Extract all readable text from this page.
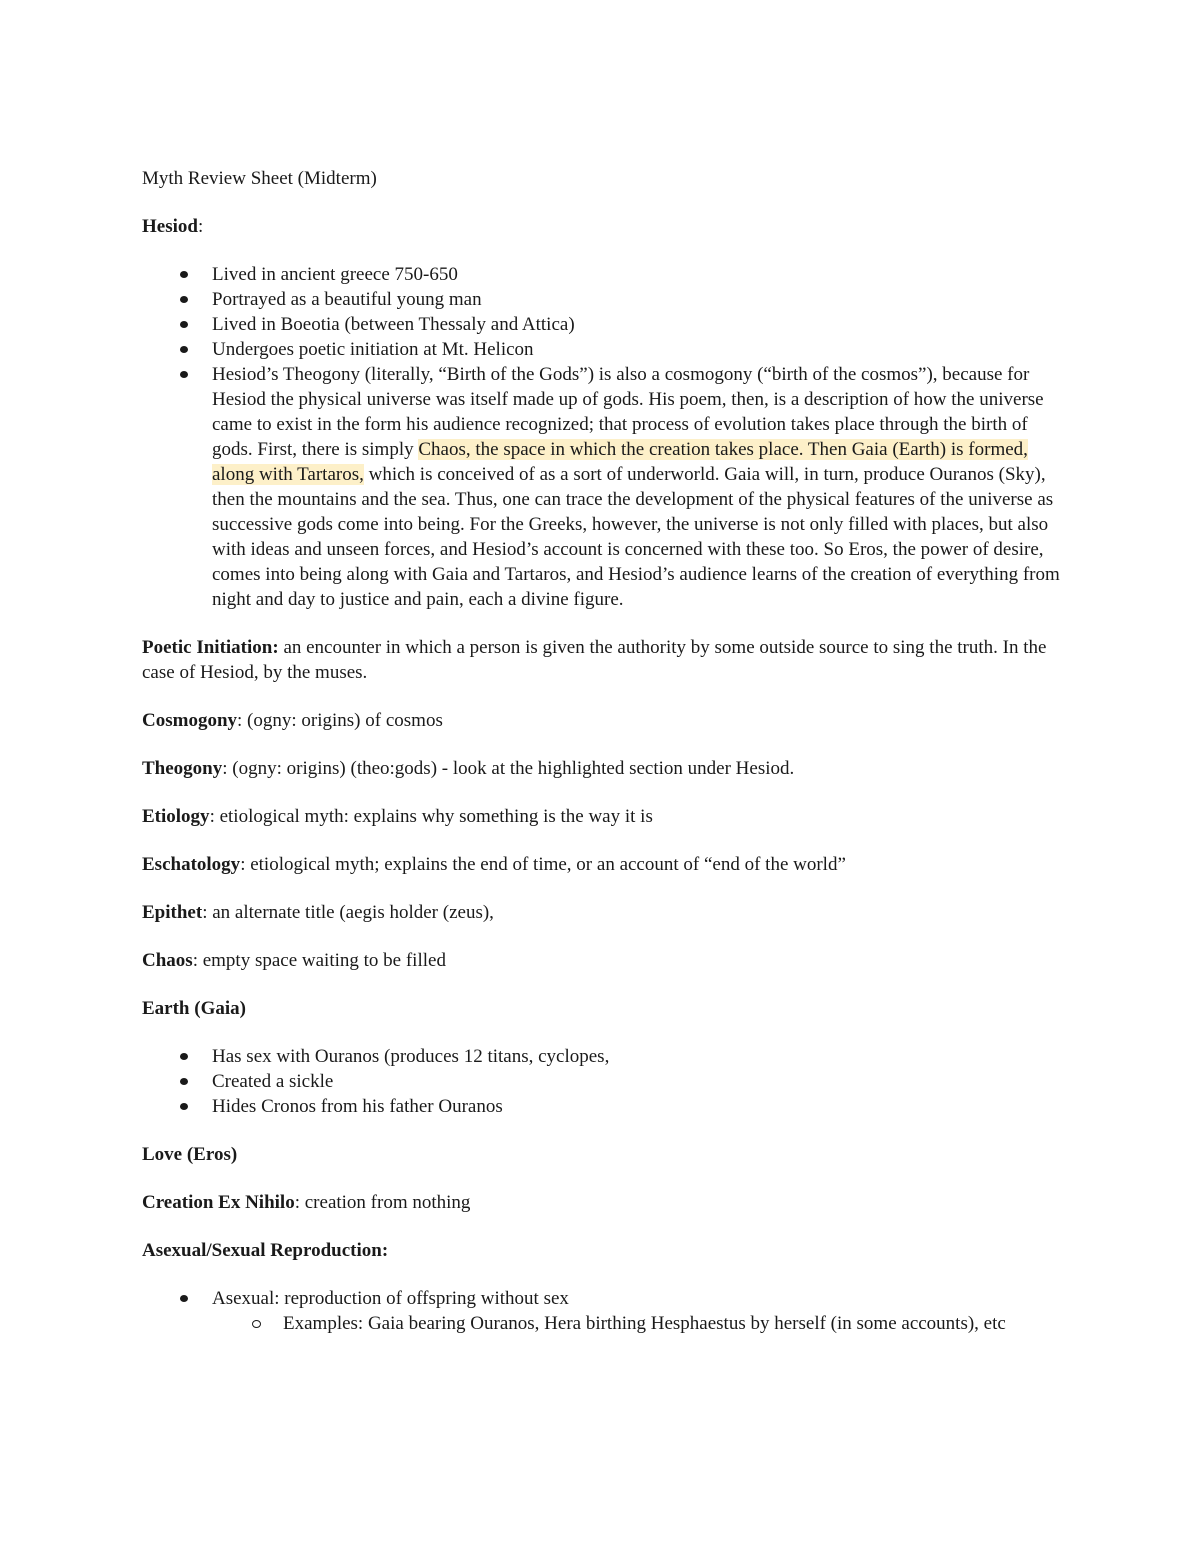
Myth Review Sheet (Midterm)

Hesiod:

Lived in ancient greece 750-650
Portrayed as a beautiful young man
Lived in Boeotia (between Thessaly and Attica)
Undergoes poetic initiation at Mt. Helicon
Hesiod’s Theogony (literally, “Birth of the Gods”) is also a cosmogony (“birth of the cosmos”), because for Hesiod the physical universe was itself made up of gods. His poem, then, is a description of how the universe came to exist in the form his audience recognized; that process of evolution takes place through the birth of gods. First, there is simply Chaos, the space in which the creation takes place. Then Gaia (Earth) is formed, along with Tartaros, which is conceived of as a sort of underworld. Gaia will, in turn, produce Ouranos (Sky), then the mountains and the sea. Thus, one can trace the development of the physical features of the universe as successive gods come into being. For the Greeks, however, the universe is not only filled with places, but also with ideas and unseen forces, and Hesiod’s account is concerned with these too. So Eros, the power of desire, comes into being along with Gaia and Tartaros, and Hesiod’s audience learns of the creation of everything from night and day to justice and pain, each a divine figure.

Poetic Initiation: an encounter in which a person is given the authority by some outside source to sing the truth. In the case of Hesiod, by the muses.

Cosmogony: (ogny: origins) of cosmos

Theogony: (ogny: origins) (theo:gods) - look at the highlighted section under Hesiod.

Etiology: etiological myth: explains why something is the way it is

Eschatology: etiological myth; explains the end of time, or an account of “end of the world”

Epithet: an alternate title (aegis holder (zeus),

Chaos: empty space waiting to be filled

Earth (Gaia)

Has sex with Ouranos (produces 12 titans, cyclopes,
Created a sickle
Hides Cronos from his father Ouranos

Love (Eros)

Creation Ex Nihilo: creation from nothing

Asexual/Sexual Reproduction:

Asexual: reproduction of offspring without sex
Examples: Gaia bearing Ouranos, Hera birthing Hesphaestus by herself (in some accounts), etc
